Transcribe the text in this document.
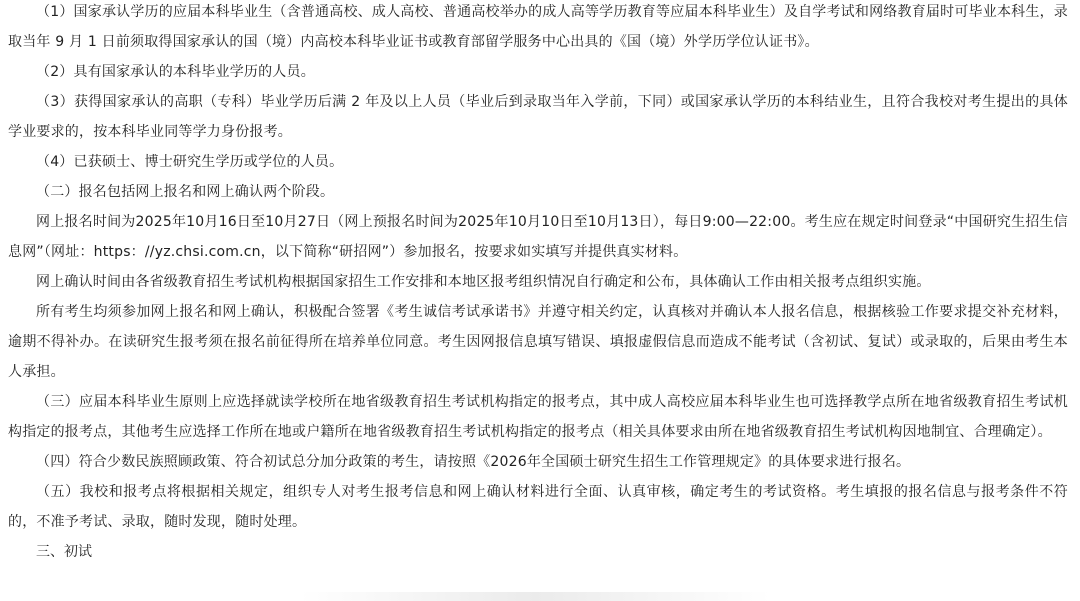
（1）国家承认学历的应届本科毕业生（含普通高校、成人高校、普通高校举办的成人高等学历教育等应届本科毕业生）及自学考试和网络教育届时可毕业本科生，录取当年 9 月 1 日前须取得国家承认的国（境）内高校本科毕业证书或教育部留学服务中心出具的《国（境）外学历学位认证书》。

（2）具有国家承认的本科毕业学历的人员。

（3）获得国家承认的高职（专科）毕业学历后满 2 年及以上人员（毕业后到录取当年入学前，下同）或国家承认学历的本科结业生，且符合我校对考生提出的具体学业要求的，按本科毕业同等学力身份报考。

（4）已获硕士、博士研究生学历或学位的人员。

（二）报名包括网上报名和网上确认两个阶段。

网上报名时间为2025年10月16日至10月27日（网上预报名时间为2025年10月10日至10月13日），每日9:00—22:00。考生应在规定时间登录“中国研究生招生信息网”（网址：https：//yz.chsi.com.cn，以下简称“研招网”）参加报名，按要求如实填写并提供真实材料。

网上确认时间由各省级教育招生考试机构根据国家招生工作安排和本地区报考组织情况自行确定和公布，具体确认工作由相关报考点组织实施。

所有考生均须参加网上报名和网上确认，积极配合签署《考生诚信考试承诺书》并遵守相关约定，认真核对并确认本人报名信息，根据核验工作要求提交补充材料，逾期不得补办。在读研究生报考须在报名前征得所在培养单位同意。考生因网报信息填写错误、填报虚假信息而造成不能考试（含初试、复试）或录取的，后果由考生本人承担。

（三）应届本科毕业生原则上应选择就读学校所在地省级教育招生考试机构指定的报考点，其中成人高校应届本科毕业生也可选择教学点所在地省级教育招生考试机构指定的报考点，其他考生应选择工作所在地或户籍所在地省级教育招生考试机构指定的报考点（相关具体要求由所在地省级教育招生考试机构因地制宜、合理确定）。

（四）符合少数民族照顾政策、符合初试总分加分政策的考生，请按照《2026年全国硕士研究生招生工作管理规定》的具体要求进行报名。

（五）我校和报考点将根据相关规定，组织专人对考生报考信息和网上确认材料进行全面、认真审核，确定考生的考试资格。考生填报的报名信息与报考条件不符的，不准予考试、录取，随时发现，随时处理。

三、初试
